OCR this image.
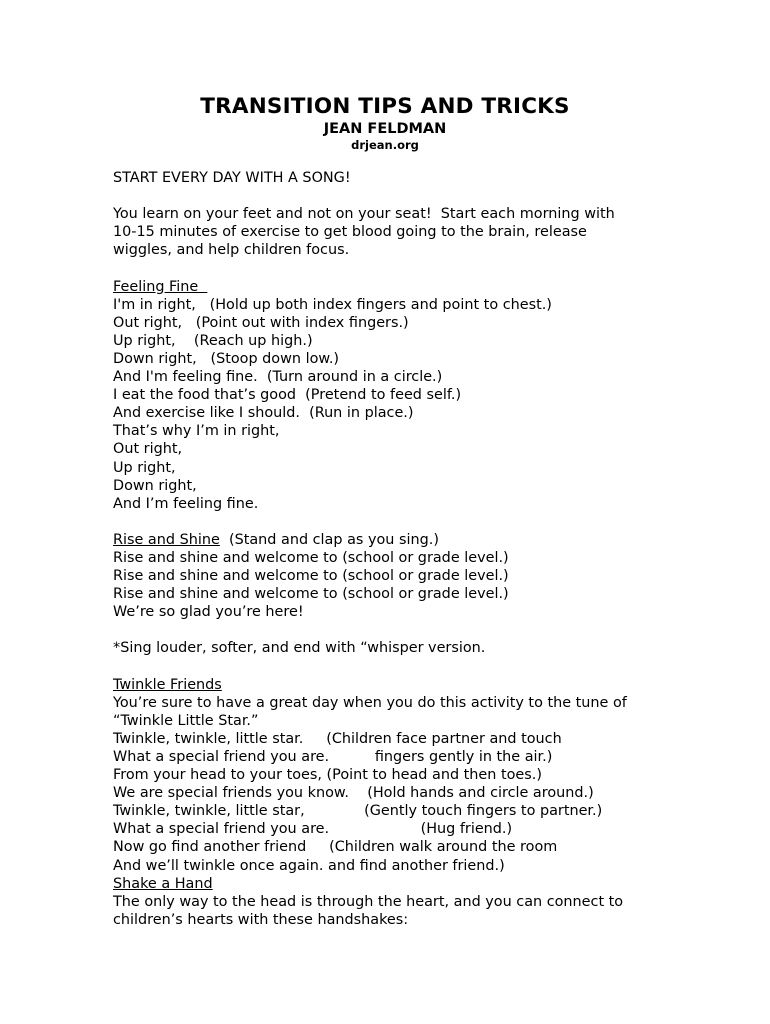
TRANSITION TIPS AND TRICKS
JEAN FELDMAN
drjean.org
START EVERY DAY WITH A SONG!
You learn on your feet and not on your seat!  Start each morning with
10-15 minutes of exercise to get blood going to the brain, release
wiggles, and help children focus.
Feeling Fine
I'm in right,   (Hold up both index fingers and point to chest.)
Out right,   (Point out with index fingers.)
Up right,    (Reach up high.)
Down right,   (Stoop down low.)
And I'm feeling fine.  (Turn around in a circle.)
I eat the food that’s good  (Pretend to feed self.)
And exercise like I should.  (Run in place.)
That’s why I’m in right,
Out right,
Up right,
Down right,
And I’m feeling fine.
Rise and Shine  (Stand and clap as you sing.)
Rise and shine and welcome to (school or grade level.)
Rise and shine and welcome to (school or grade level.)
Rise and shine and welcome to (school or grade level.)
We’re so glad you’re here!
*Sing louder, softer, and end with “whisper version.
Twinkle Friends
You’re sure to have a great day when you do this activity to the tune of
“Twinkle Little Star.”
Twinkle, twinkle, little star.     (Children face partner and touch
What a special friend you are.          fingers gently in the air.)
From your head to your toes, (Point to head and then toes.)
We are special friends you know.    (Hold hands and circle around.)
Twinkle, twinkle, little star,             (Gently touch fingers to partner.)
What a special friend you are.                    (Hug friend.)
Now go find another friend     (Children walk around the room
And we’ll twinkle once again. and find another friend.)
Shake a Hand
The only way to the head is through the heart, and you can connect to
children’s hearts with these handshakes:
